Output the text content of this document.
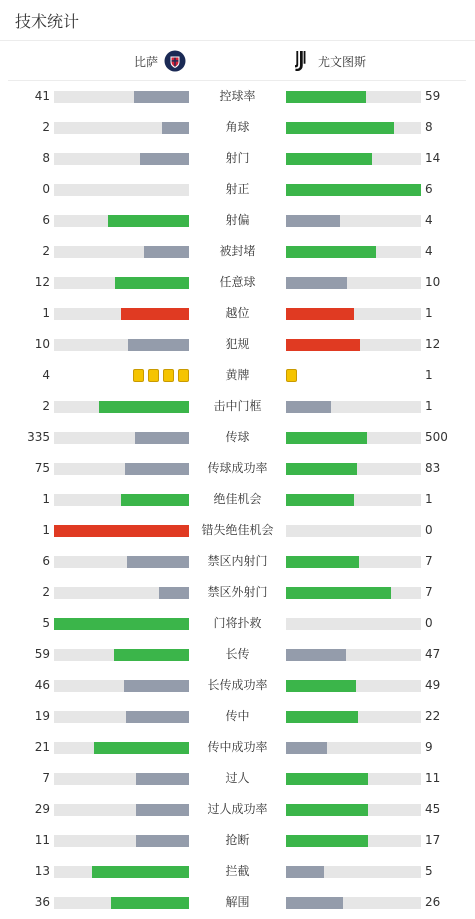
技术统计
比萨	尤文图斯
41	控球率	59
2	角球	8
8	射门	14
0	射正	6
6	射偏	4
2	被封堵	4
12	任意球	10
1	越位	1
10	犯规	12
4	黄牌	1
2	击中门框	1
335	传球	500
75	传球成功率	83
1	绝佳机会	1
1	错失绝佳机会	0
6	禁区内射门	7
2	禁区外射门	7
5	门将扑救	0
59	长传	47
46	长传成功率	49
19	传中	22
21	传中成功率	9
7	过人	11
29	过人成功率	45
11	抢断	17
13	拦截	5
36	解围	26
